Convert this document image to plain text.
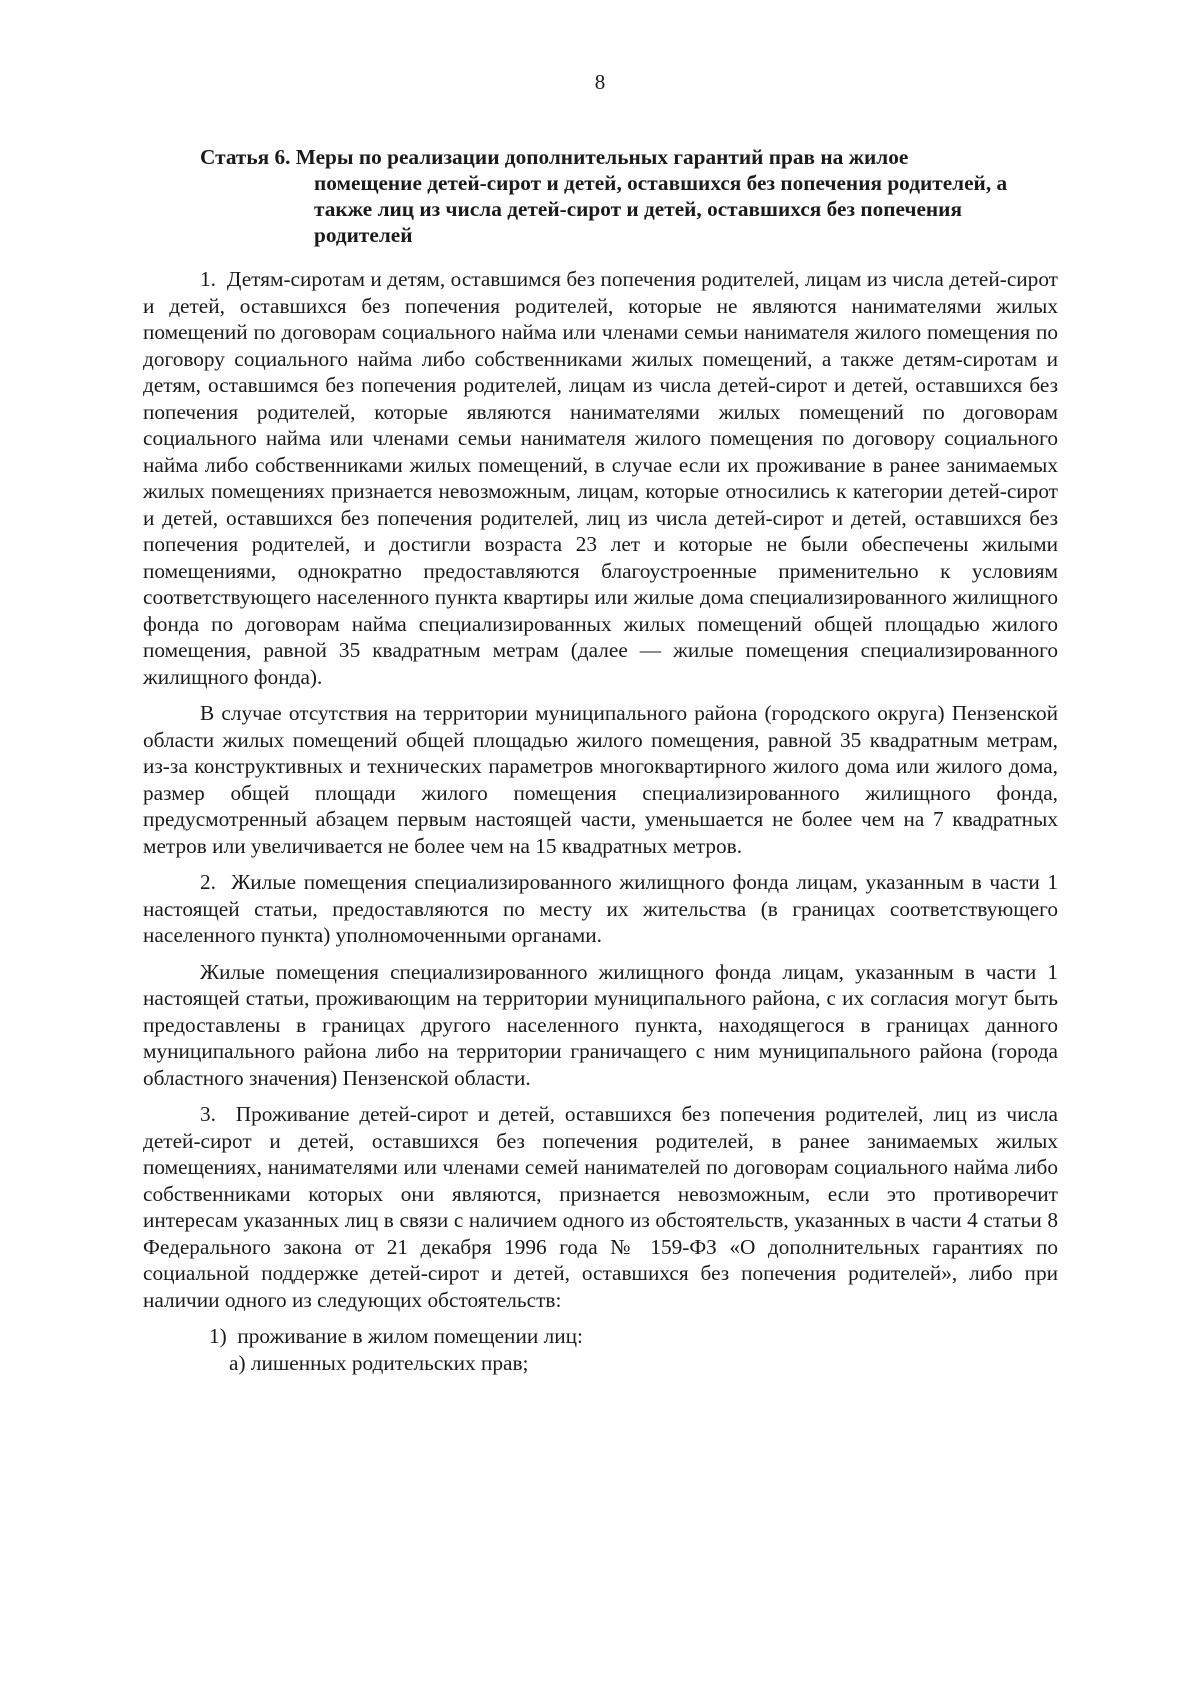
8
Статья 6. Меры по реализации дополнительных гарантий прав на жилое
помещение детей-сирот и детей, оставшихся без попечения родителей, а также лиц из числа детей-сирот и детей, оставшихся без попечения родителей

1.  Детям-сиротам и детям, оставшимся без попечения родителей, лицам из числа детей-сирот и детей, оставшихся без попечения родителей, которые не являются нанимателями жилых помещений по договорам социального найма или членами семьи нанимателя жилого помещения по договору социального найма либо собственниками жилых помещений, а также детям-сиротам и детям, оставшимся без попечения родителей, лицам из числа детей-сирот и детей, оставшихся без попечения родителей, которые являются нанимателями жилых помещений по договорам социального найма или членами семьи нанимателя жилого помещения по договору социального найма либо собственниками жилых помещений, в случае если их проживание в ранее занимаемых жилых помещениях признается невозможным, лицам, которые относились к категории детей-сирот и детей, оставшихся без попечения родителей, лиц из числа детей-сирот и детей, оставшихся без попечения родителей, и достигли возраста 23 лет и которые не были обеспечены жилыми помещениями, однократно предоставляются благоустроенные применительно к условиям соответствующего населенного пункта квартиры или жилые дома специализированного жилищного фонда по договорам найма специализированных жилых помещений общей площадью жилого помещения, равной 35 квадратным метрам (далее — жилые помещения специализированного жилищного фонда).

В случае отсутствия на территории муниципального района (городского округа) Пензенской области жилых помещений общей площадью жилого помещения, равной 35 квадратным метрам, из-за конструктивных и технических параметров многоквартирного жилого дома или жилого дома, размер общей площади жилого помещения специализированного жилищного фонда, предусмотренный абзацем первым настоящей части, уменьшается не более чем на 7 квадратных метров или увеличивается не более чем на 15 квадратных метров.

2.  Жилые помещения специализированного жилищного фонда лицам, указанным в части 1 настоящей статьи, предоставляются по месту их жительства (в границах соответствующего населенного пункта) уполномоченными органами.

Жилые помещения специализированного жилищного фонда лицам, указанным в части 1 настоящей статьи, проживающим на территории муниципального района, с их согласия могут быть предоставлены в границах другого населенного пункта, находящегося в границах данного муниципального района либо на территории граничащего с ним муниципального района (города областного значения) Пензенской области.

3.  Проживание детей-сирот и детей, оставшихся без попечения родителей, лиц из числа детей-сирот и детей, оставшихся без попечения родителей, в ранее занимаемых жилых помещениях, нанимателями или членами семей нанимателей по договорам социального найма либо собственниками которых они являются, признается невозможным, если это противоречит интересам указанных лиц в связи с наличием одного из обстоятельств, указанных в части 4 статьи 8 Федерального закона от 21 декабря 1996 года № 159-ФЗ «О дополнительных гарантиях по социальной поддержке детей-сирот и детей, оставшихся без попечения родителей», либо при наличии одного из следующих обстоятельств:

1)  проживание в жилом помещении лиц:

а) лишенных родительских прав;
